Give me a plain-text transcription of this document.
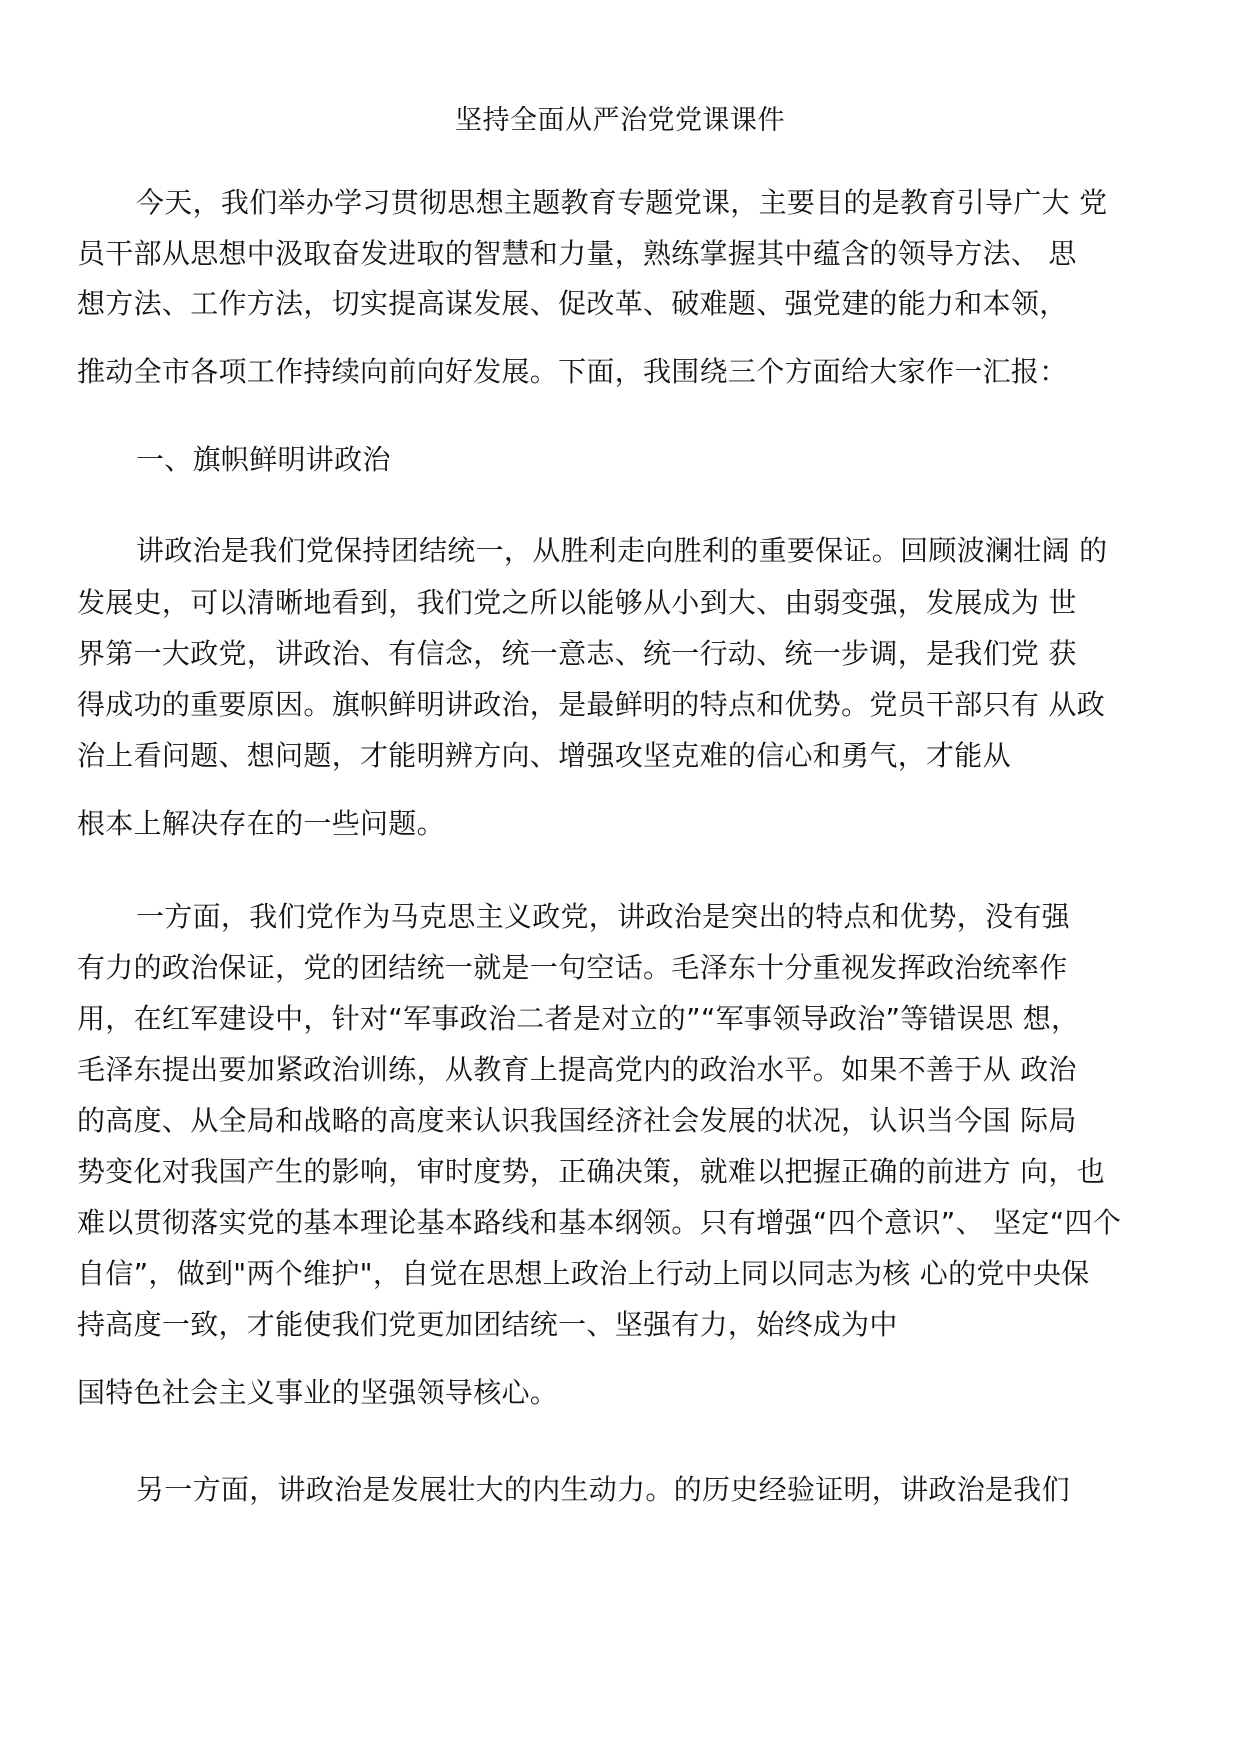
坚持全面从严治党党课课件
今天，我们举办学习贯彻思想主题教育专题党课，主要目的是教育引导广大 党
员干部从思想中汲取奋发进取的智慧和力量，熟练掌握其中蕴含的领导方法、 思
想方法、工作方法，切实提高谋发展、促改革、破难题、强党建的能力和本领，
推动全市各项工作持续向前向好发展。下面，我围绕三个方面给大家作一汇报：
一、旗帜鲜明讲政治
讲政治是我们党保持团结统一，从胜利走向胜利的重要保证。回顾波澜壮阔 的
发展史，可以清晰地看到，我们党之所以能够从小到大、由弱变强，发展成为 世
界第一大政党，讲政治、有信念，统一意志、统一行动、统一步调，是我们党 获
得成功的重要原因。旗帜鲜明讲政治，是最鲜明的特点和优势。党员干部只有 从政
治上看问题、想问题，才能明辨方向、增强攻坚克难的信心和勇气，才能从
根本上解决存在的一些问题。
一方面，我们党作为马克思主义政党，讲政治是突出的特点和优势，没有强
有力的政治保证，党的团结统一就是一句空话。毛泽东十分重视发挥政治统率作
用，在红军建设中，针对“军事政治二者是对立的”“军事领导政治”等错误思 想，
毛泽东提出要加紧政治训练，从教育上提高党内的政治水平。如果不善于从 政治
的高度、从全局和战略的高度来认识我国经济社会发展的状况，认识当今国 际局
势变化对我国产生的影响，审时度势，正确决策，就难以把握正确的前进方 向，也
难以贯彻落实党的基本理论基本路线和基本纲领。只有增强“四个意识”、 坚定“四个
自信”，做到"两个维护"，自觉在思想上政治上行动上同以同志为核 心的党中央保
持高度一致，才能使我们党更加团结统一、坚强有力，始终成为中
国特色社会主义事业的坚强领导核心。
另一方面，讲政治是发展壮大的内生动力。的历史经验证明，讲政治是我们
